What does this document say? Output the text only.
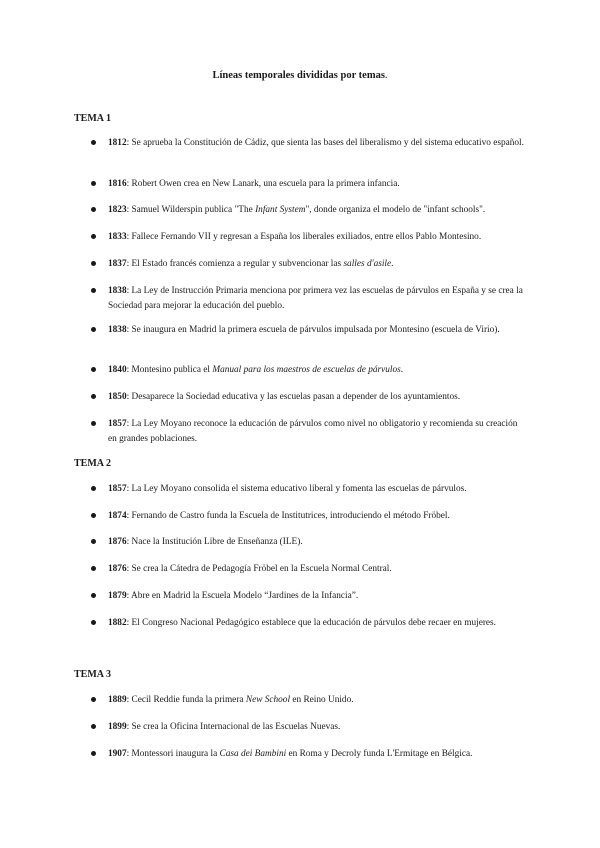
Líneas temporales divididas por temas.
TEMA 1
1812: Se aprueba la Constitución de Cádiz, que sienta las bases del liberalismo y del sistema educativo español.
1816: Robert Owen crea en New Lanark, una escuela para la primera infancia.
1823: Samuel Wilderspin publica "The Infant System", donde organiza el modelo de "infant schools".
1833: Fallece Fernando VII y regresan a España los liberales exiliados, entre ellos Pablo Montesino.
1837: El Estado francés comienza a regular y subvencionar las salles d'asile.
1838: La Ley de Instrucción Primaria menciona por primera vez las escuelas de párvulos en España y se crea la Sociedad para mejorar la educación del pueblo.
1838: Se inaugura en Madrid la primera escuela de párvulos impulsada por Montesino (escuela de Virio).
1840: Montesino publica el Manual para los maestros de escuelas de párvulos.
1850: Desaparece la Sociedad educativa y las escuelas pasan a depender de los ayuntamientos.
1857: La Ley Moyano reconoce la educación de párvulos como nivel no obligatorio y recomienda su creación en grandes poblaciones.
TEMA 2
1857: La Ley Moyano consolida el sistema educativo liberal y fomenta las escuelas de párvulos.
1874: Fernando de Castro funda la Escuela de Institutrices, introduciendo el método Fröbel.
1876: Nace la Institución Libre de Enseñanza (ILE).
1876: Se crea la Cátedra de Pedagogía Fröbel en la Escuela Normal Central.
1879: Abre en Madrid la Escuela Modelo “Jardines de la Infancia”.
1882: El Congreso Nacional Pedagógico establece que la educación de párvulos debe recaer en mujeres.
TEMA 3
1889: Cecil Reddie funda la primera New School en Reino Unido.
1899: Se crea la Oficina Internacional de las Escuelas Nuevas.
1907: Montessori inaugura la Casa dei Bambini en Roma y Decroly funda L'Ermitage en Bélgica.
